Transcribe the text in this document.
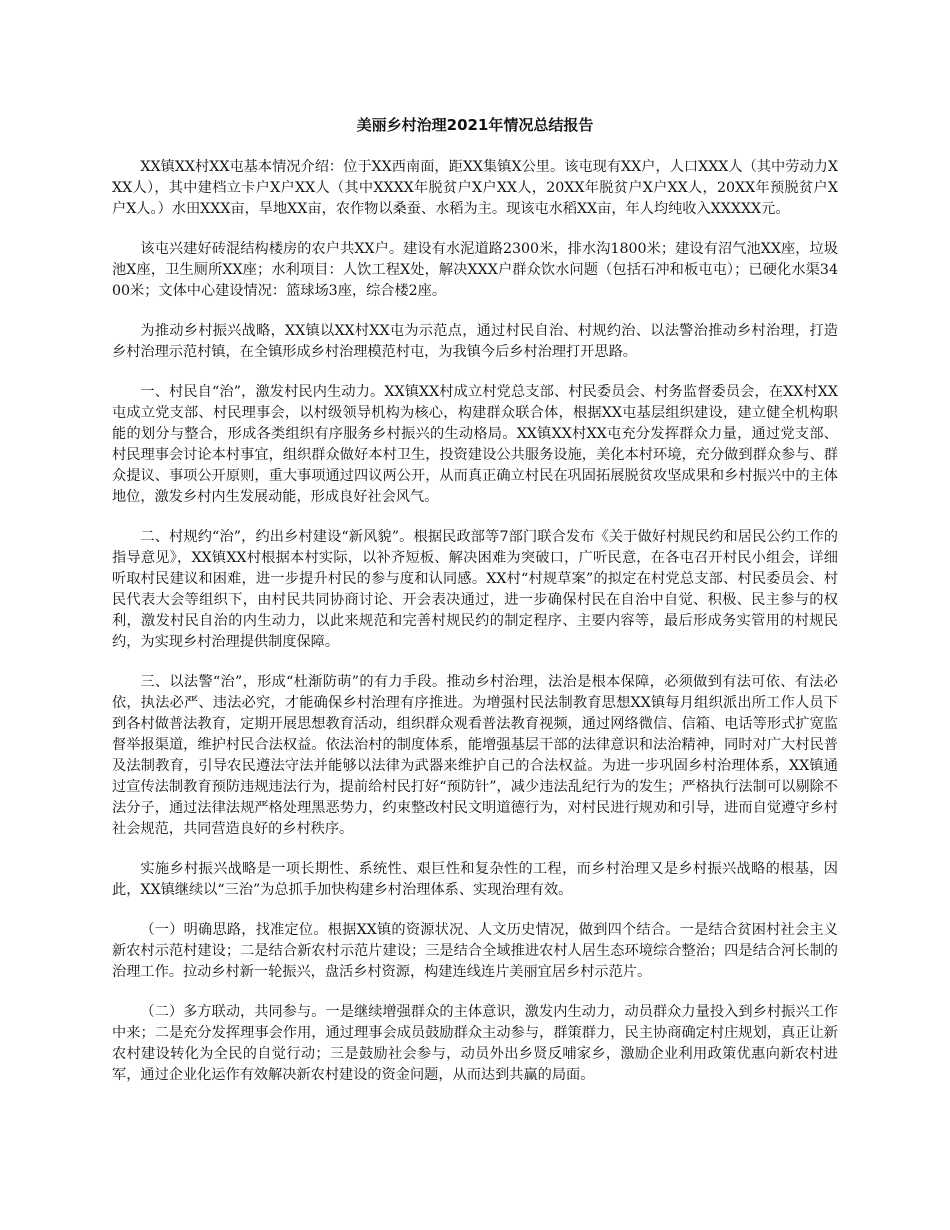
美丽乡村治理2021年情况总结报告

XX镇XX村XX屯基本情况介绍：位于XX西南面，距XX集镇X公里。该屯现有XX户，人口XXX人（其中劳动力XXX人），其中建档立卡户X户XX人（其中XXXX年脱贫户X户XX人，20XX年脱贫户X户XX人，20XX年预脱贫户X户X人。）水田XXX亩，旱地XX亩，农作物以桑蚕、水稻为主。现该屯水稻XX亩，年人均纯收入XXXXX元。

该屯兴建好砖混结构楼房的农户共XX户。建设有水泥道路2300米，排水沟1800米；建设有沼气池XX座，垃圾池X座，卫生厕所XX座；水利项目：人饮工程X处，解决XXX户群众饮水问题（包括石冲和板屯屯）；已硬化水渠3400米；文体中心建设情况：篮球场3座，综合楼2座。

为推动乡村振兴战略，XX镇以XX村XX屯为示范点，通过村民自治、村规约治、以法警治推动乡村治理，打造乡村治理示范村镇，在全镇形成乡村治理模范村屯，为我镇今后乡村治理打开思路。

一、村民自“治”，激发村民内生动力。XX镇XX村成立村党总支部、村民委员会、村务监督委员会，在XX村XX屯成立党支部、村民理事会，以村级领导机构为核心，构建群众联合体，根据XX屯基层组织建设，建立健全机构职能的划分与整合，形成各类组织有序服务乡村振兴的生动格局。XX镇XX村XX屯充分发挥群众力量，通过党支部、村民理事会讨论本村事宜，组织群众做好本村卫生，投资建设公共服务设施，美化本村环境，充分做到群众参与、群众提议、事项公开原则，重大事项通过四议两公开，从而真正确立村民在巩固拓展脱贫攻坚成果和乡村振兴中的主体地位，激发乡村内生发展动能，形成良好社会风气。

二、村规约“治”，约出乡村建设“新风貌”。根据民政部等7部门联合发布《关于做好村规民约和居民公约工作的指导意见》，XX镇XX村根据本村实际，以补齐短板、解决困难为突破口，广听民意，在各屯召开村民小组会，详细听取村民建议和困难，进一步提升村民的参与度和认同感。XX村“村规草案”的拟定在村党总支部、村民委员会、村民代表大会等组织下，由村民共同协商讨论、开会表决通过，进一步确保村民在自治中自觉、积极、民主参与的权利，激发村民自治的内生动力，以此来规范和完善村规民约的制定程序、主要内容等，最后形成务实管用的村规民约，为实现乡村治理提供制度保障。

三、以法警“治”，形成“杜渐防萌”的有力手段。推动乡村治理，法治是根本保障，必须做到有法可依、有法必依，执法必严、违法必究，才能确保乡村治理有序推进。为增强村民法制教育思想XX镇每月组织派出所工作人员下到各村做普法教育，定期开展思想教育活动，组织群众观看普法教育视频，通过网络微信、信箱、电话等形式扩宽监督举报渠道，维护村民合法权益。依法治村的制度体系，能增强基层干部的法律意识和法治精神，同时对广大村民普及法制教育，引导农民遵法守法并能够以法律为武器来维护自己的合法权益。为进一步巩固乡村治理体系，XX镇通过宣传法制教育预防违规违法行为，提前给村民打好“预防针”，减少违法乱纪行为的发生；严格执行法制可以剔除不法分子，通过法律法规严格处理黑恶势力，约束整改村民文明道德行为，对村民进行规劝和引导，进而自觉遵守乡村社会规范，共同营造良好的乡村秩序。

实施乡村振兴战略是一项长期性、系统性、艰巨性和复杂性的工程，而乡村治理又是乡村振兴战略的根基，因此，XX镇继续以“三治”为总抓手加快构建乡村治理体系、实现治理有效。

（一）明确思路，找准定位。根据XX镇的资源状况、人文历史情况，做到四个结合。一是结合贫困村社会主义新农村示范村建设；二是结合新农村示范片建设；三是结合全域推进农村人居生态环境综合整治；四是结合河长制的治理工作。拉动乡村新一轮振兴，盘活乡村资源，构建连线连片美丽宜居乡村示范片。

（二）多方联动，共同参与。一是继续增强群众的主体意识，激发内生动力，动员群众力量投入到乡村振兴工作中来；二是充分发挥理事会作用，通过理事会成员鼓励群众主动参与，群策群力，民主协商确定村庄规划，真正让新农村建设转化为全民的自觉行动；三是鼓励社会参与，动员外出乡贤反哺家乡，激励企业利用政策优惠向新农村进军，通过企业化运作有效解决新农村建设的资金问题，从而达到共赢的局面。
